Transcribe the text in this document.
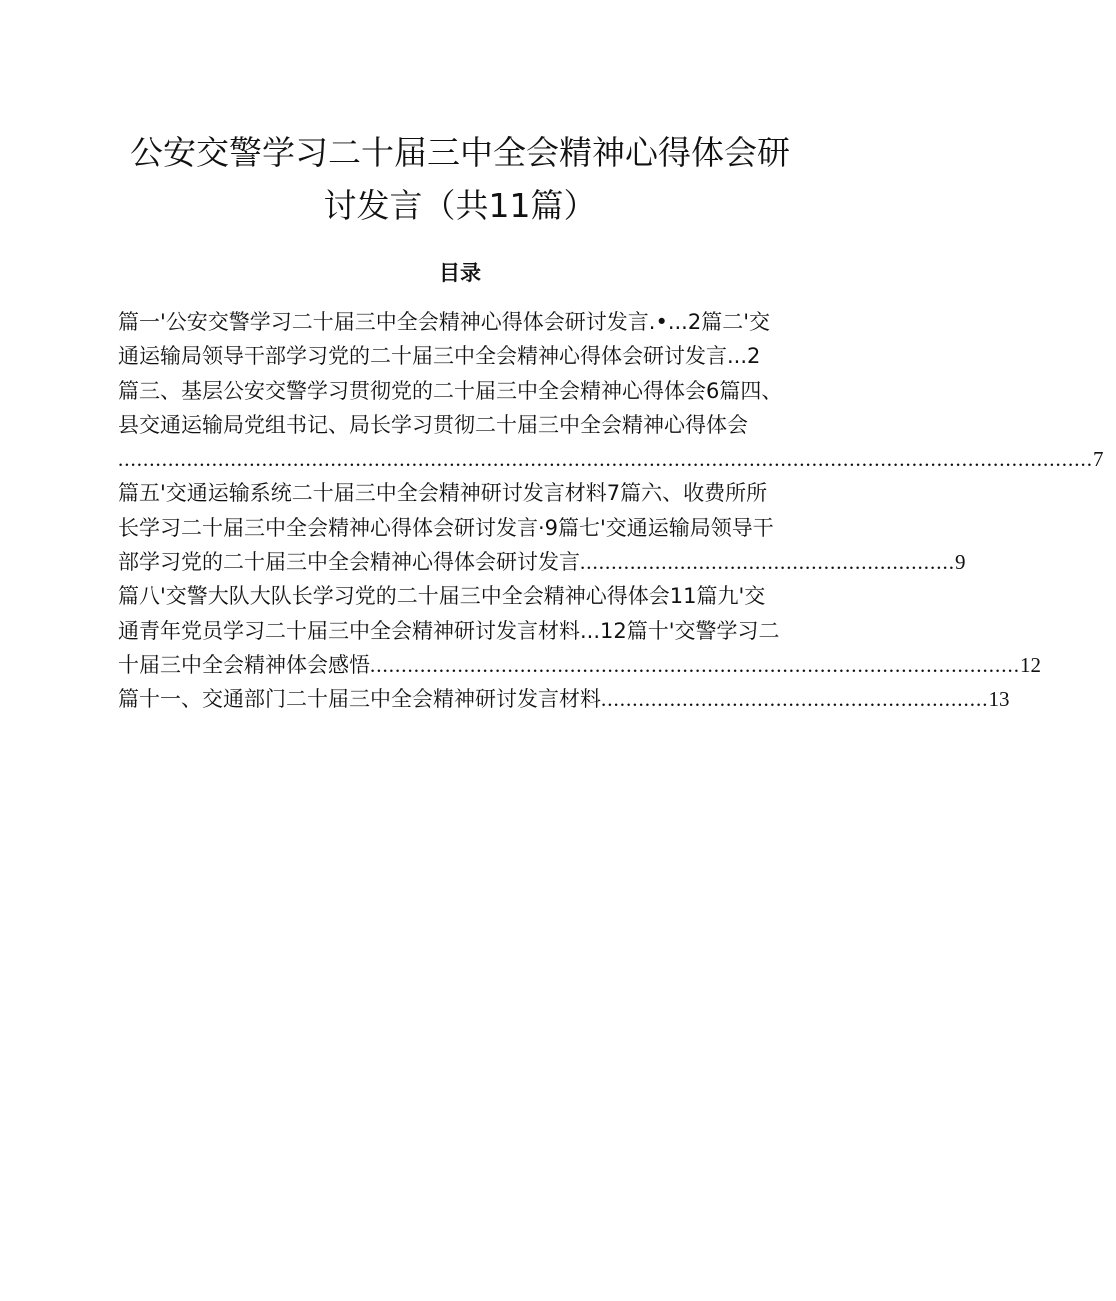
公安交警学习二十届三中全会精神心得体会研
讨发言（共11篇）
目录
篇一'公安交警学习二十届三中全会精神心得体会研讨发言.•...2篇二'交
通运输局领导干部学习党的二十届三中全会精神心得体会研讨发言...2
篇三、基层公安交警学习贯彻党的二十届三中全会精神心得体会6篇四、
县交通运输局党组书记、局长学习贯彻二十届三中全会精神心得体会
............................................................................................................................................................ 7
篇五'交通运输系统二十届三中全会精神研讨发言材料7篇六、收费所所
长学习二十届三中全会精神心得体会研讨发言·9篇七'交通运输局领导干
部学习党的二十届三中全会精神心得体会研讨发言 ............................................................ 9
篇八'交警大队大队长学习党的二十届三中全会精神心得体会11篇九'交
通青年党员学习二十届三中全会精神研讨发言材料...12篇十'交警学习二
十届三中全会精神体会感悟 ........................................................................................................ 12
篇十一、交通部门二十届三中全会精神研讨发言材料 .............................................................. 13
